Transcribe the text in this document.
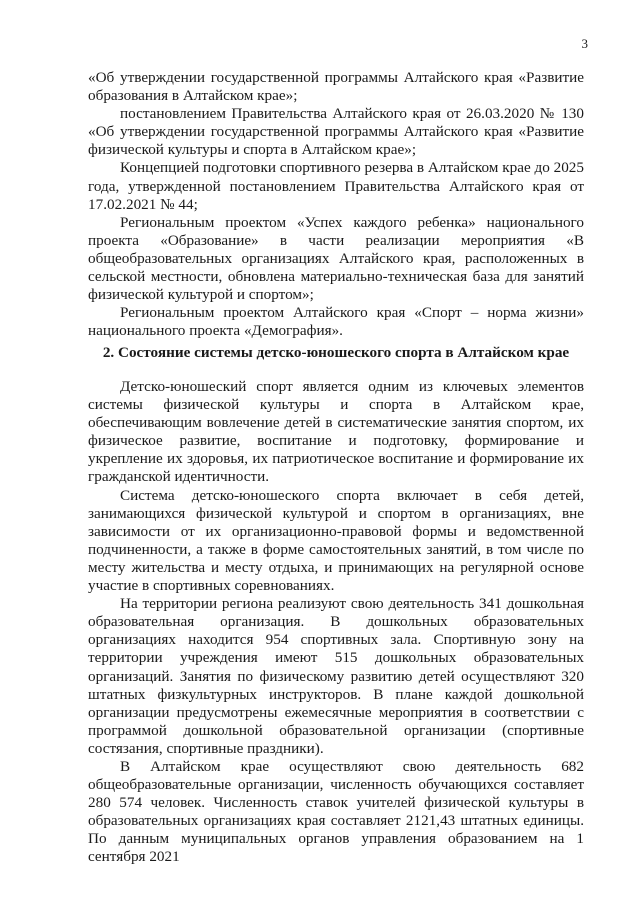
3

«Об утверждении государственной программы Алтайского края «Развитие образования в Алтайском крае»;

постановлением Правительства Алтайского края от 26.03.2020 № 130 «Об утверждении государственной программы Алтайского края «Развитие физической культуры и спорта в Алтайском крае»;

Концепцией подготовки спортивного резерва в Алтайском крае до 2025 года, утвержденной постановлением Правительства Алтайского края от 17.02.2021 № 44;

Региональным проектом «Успех каждого ребенка» национального проекта «Образование» в части реализации мероприятия «В общеобразовательных организациях Алтайского края, расположенных в сельской местности, обновлена материально-техническая база для занятий физической культурой и спортом»;

Региональным проектом Алтайского края «Спорт – норма жизни» национального проекта «Демография».

2. Состояние системы детско-юношеского спорта в Алтайском крае

Детско-юношеский спорт является одним из ключевых элементов системы физической культуры и спорта в Алтайском крае, обеспечивающим вовлечение детей в систематические занятия спортом, их физическое развитие, воспитание и подготовку, формирование и укрепление их здоровья, их патриотическое воспитание и формирование их гражданской идентичности.

Система детско-юношеского спорта включает в себя детей, занимающихся физической культурой и спортом в организациях, вне зависимости от их организационно-правовой формы и ведомственной подчиненности, а также в форме самостоятельных занятий, в том числе по месту жительства и месту отдыха, и принимающих на регулярной основе участие в спортивных соревнованиях.

На территории региона реализуют свою деятельность 341 дошкольная образовательная организация. В дошкольных образовательных организациях находится 954 спортивных зала. Спортивную зону на территории учреждения имеют 515 дошкольных образовательных организаций. Занятия по физическому развитию детей осуществляют 320 штатных физкультурных инструкторов. В плане каждой дошкольной организации предусмотрены ежемесячные мероприятия в соответствии с программой дошкольной образовательной организации (спортивные состязания, спортивные праздники).

В Алтайском крае осуществляют свою деятельность 682 общеобразовательные организации, численность обучающихся составляет 280 574 человек. Численность ставок учителей физической культуры в образовательных организациях края составляет 2121,43 штатных единицы. По данным муниципальных органов управления образованием на 1 сентября 2021
